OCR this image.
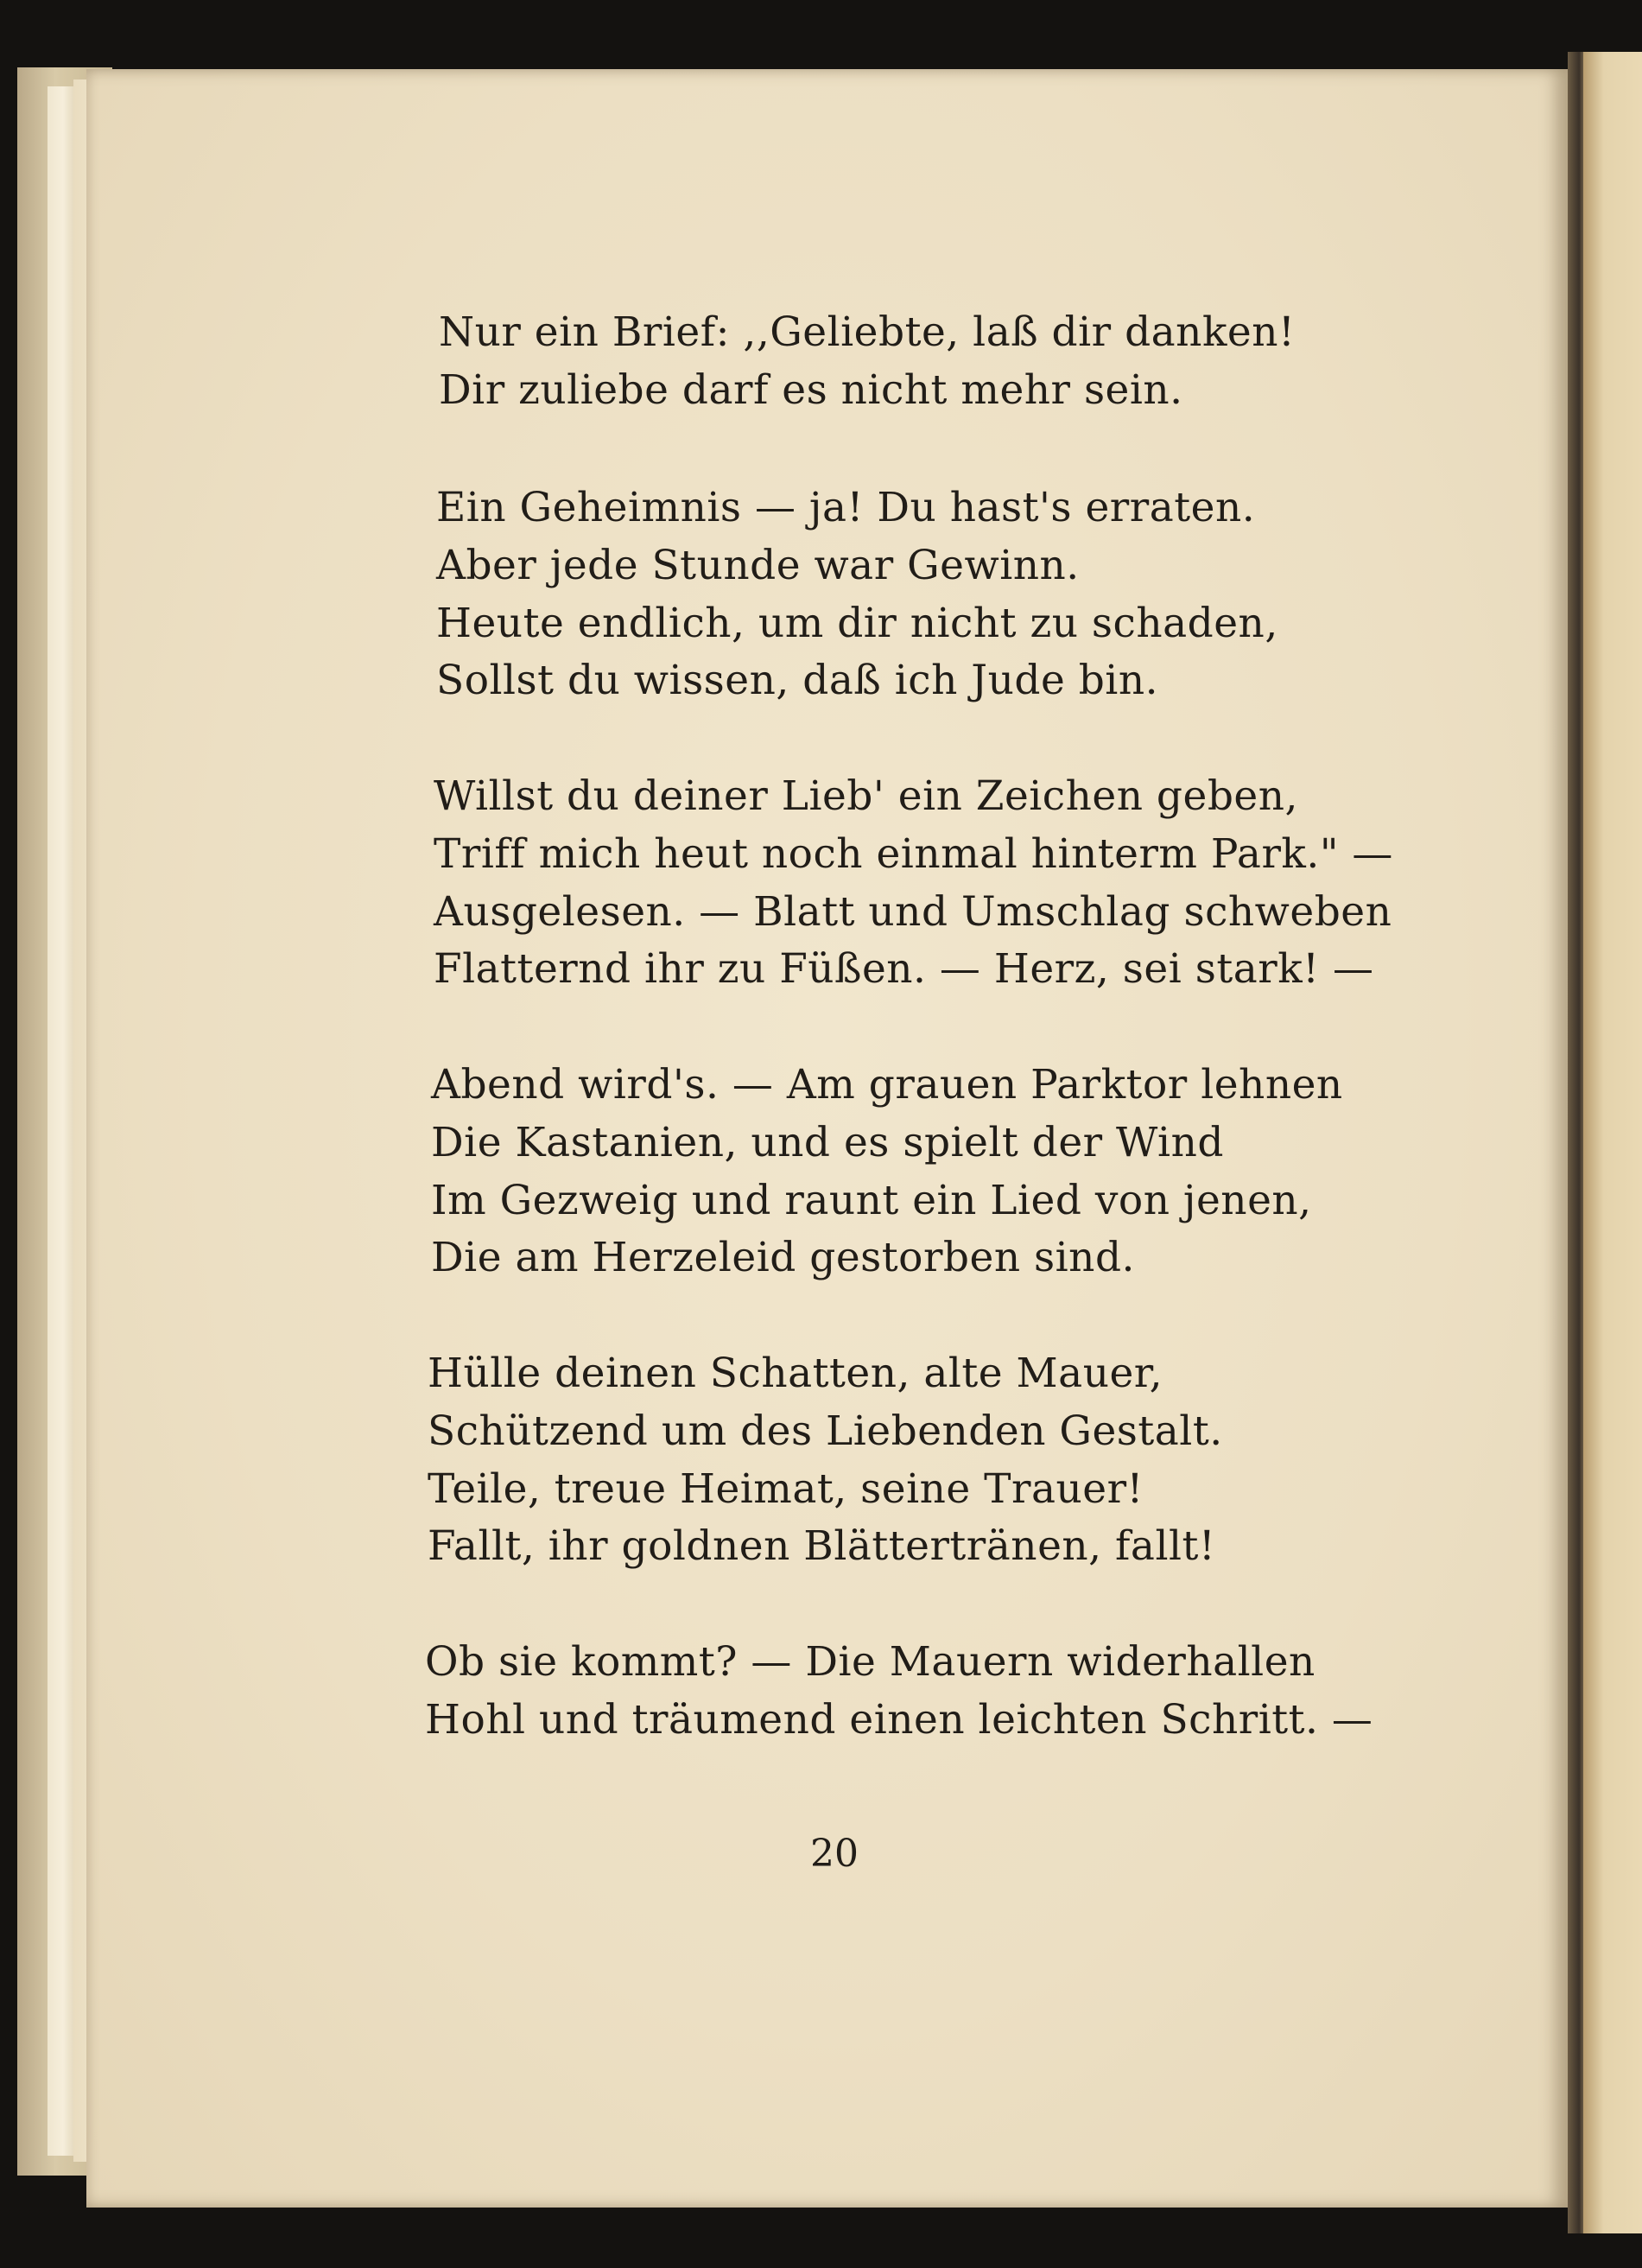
Nur ein Brief: ,,Geliebte, laß dir danken!
Dir zuliebe darf es nicht mehr sein.
Ein Geheimnis — ja! Du hast's erraten.
Aber jede Stunde war Gewinn.
Heute endlich, um dir nicht zu schaden,
Sollst du wissen, daß ich Jude bin.
Willst du deiner Lieb' ein Zeichen geben,
Triff mich heut noch einmal hinterm Park." —
Ausgelesen. — Blatt und Umschlag schweben
Flatternd ihr zu Füßen. — Herz, sei stark! —
Abend wird's. — Am grauen Parktor lehnen
Die Kastanien, und es spielt der Wind
Im Gezweig und raunt ein Lied von jenen,
Die am Herzeleid gestorben sind.
Hülle deinen Schatten, alte Mauer,
Schützend um des Liebenden Gestalt.
Teile, treue Heimat, seine Trauer!
Fallt, ihr goldnen Blättertränen, fallt!
Ob sie kommt? — Die Mauern widerhallen
Hohl und träumend einen leichten Schritt. —
20
